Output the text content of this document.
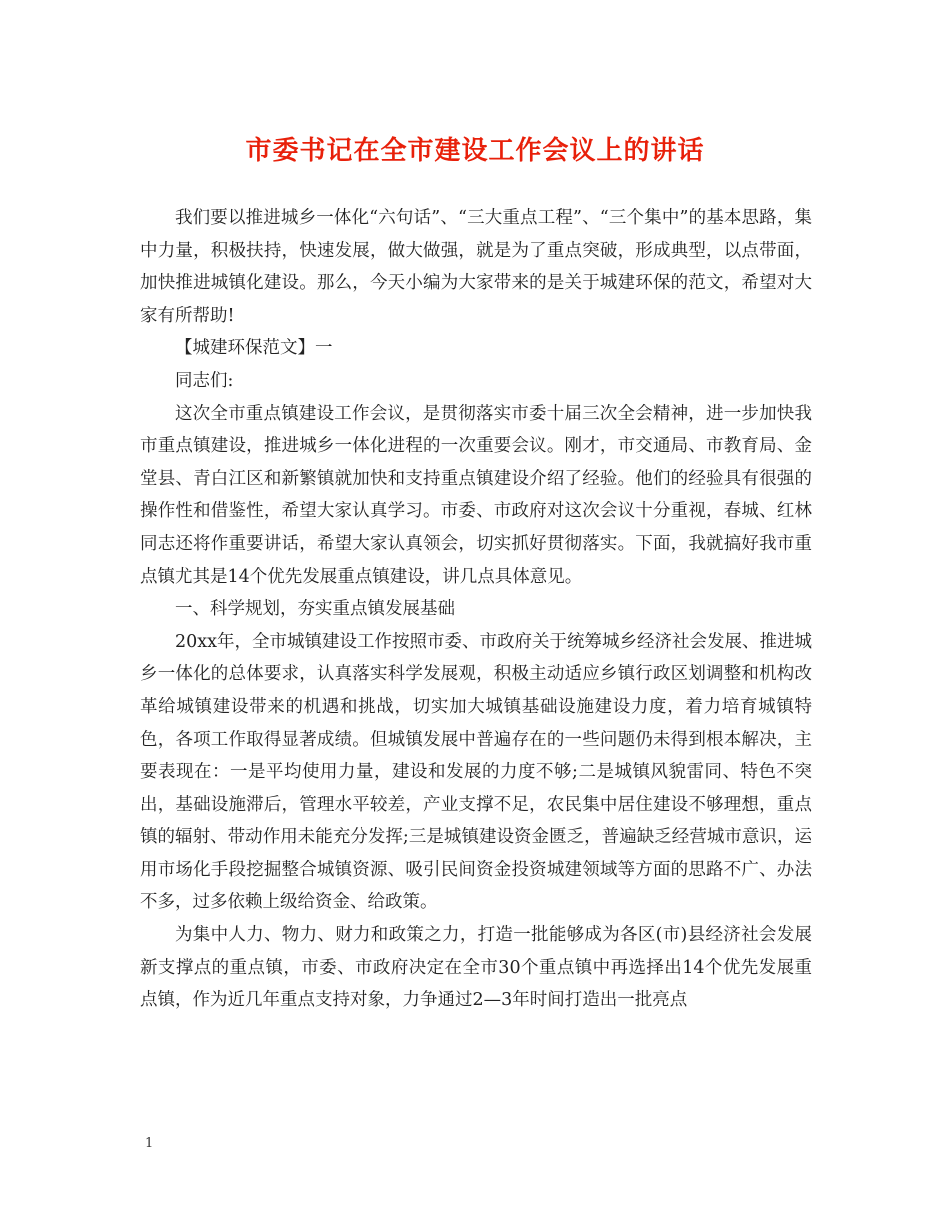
市委书记在全市建设工作会议上的讲话

我们要以推进城乡一体化“六句话”、“三大重点工程”、“三个集中”的基本思路，集中力量，积极扶持，快速发展，做大做强，就是为了重点突破，形成典型，以点带面，加快推进城镇化建设。那么，今天小编为大家带来的是关于城建环保的范文，希望对大家有所帮助!

【城建环保范文】一

同志们:

这次全市重点镇建设工作会议，是贯彻落实市委十届三次全会精神，进一步加快我市重点镇建设，推进城乡一体化进程的一次重要会议。刚才，市交通局、市教育局、金堂县、青白江区和新繁镇就加快和支持重点镇建设介绍了经验。他们的经验具有很强的操作性和借鉴性，希望大家认真学习。市委、市政府对这次会议十分重视，春城、红林同志还将作重要讲话，希望大家认真领会，切实抓好贯彻落实。下面，我就搞好我市重点镇尤其是14个优先发展重点镇建设，讲几点具体意见。

一、科学规划，夯实重点镇发展基础

20xx年，全市城镇建设工作按照市委、市政府关于统筹城乡经济社会发展、推进城乡一体化的总体要求，认真落实科学发展观，积极主动适应乡镇行政区划调整和机构改革给城镇建设带来的机遇和挑战，切实加大城镇基础设施建设力度，着力培育城镇特色，各项工作取得显著成绩。但城镇发展中普遍存在的一些问题仍未得到根本解决，主要表现在：一是平均使用力量，建设和发展的力度不够;二是城镇风貌雷同、特色不突出，基础设施滞后，管理水平较差，产业支撑不足，农民集中居住建设不够理想，重点镇的辐射、带动作用未能充分发挥;三是城镇建设资金匮乏，普遍缺乏经营城市意识，运用市场化手段挖掘整合城镇资源、吸引民间资金投资城建领域等方面的思路不广、办法不多，过多依赖上级给资金、给政策。

为集中人力、物力、财力和政策之力，打造一批能够成为各区(市)县经济社会发展新支撑点的重点镇，市委、市政府决定在全市30个重点镇中再选择出14个优先发展重点镇，作为近几年重点支持对象，力争通过2—3年时间打造出一批亮点

1
